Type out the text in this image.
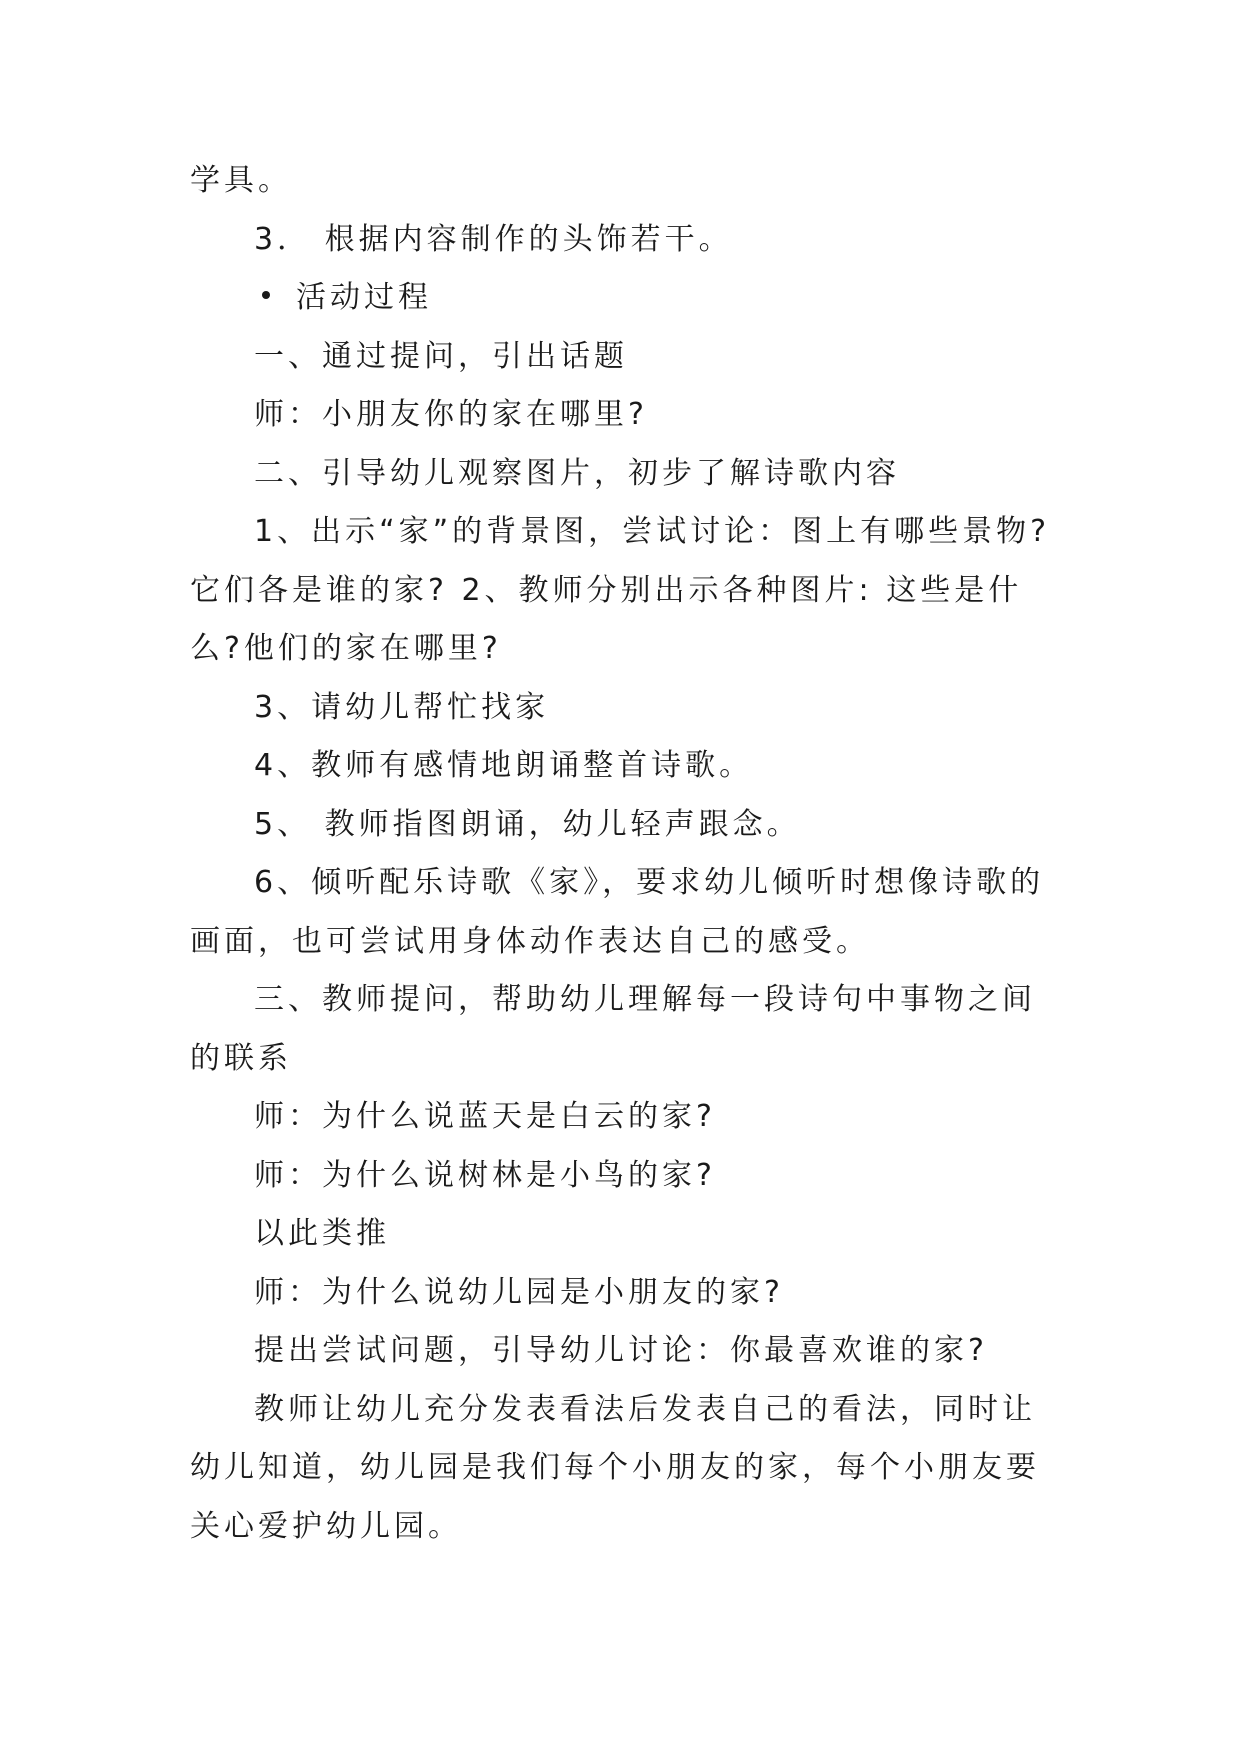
学具。

3． 根据内容制作的头饰若干。

活动过程

一、通过提问，引出话题

师：小朋友你的家在哪里?

二、引导幼儿观察图片，初步了解诗歌内容

1、出示“家”的背景图，尝试讨论：图上有哪些景物?它们各是谁的家? 2、教师分别出示各种图片: 这些是什么?他们的家在哪里?

3、请幼儿帮忙找家

4、教师有感情地朗诵整首诗歌。

5、 教师指图朗诵，幼儿轻声跟念。

6、倾听配乐诗歌《家》，要求幼儿倾听时想像诗歌的画面，也可尝试用身体动作表达自己的感受。

三、教师提问，帮助幼儿理解每一段诗句中事物之间的联系

师：为什么说蓝天是白云的家?

师：为什么说树林是小鸟的家?

以此类推

师：为什么说幼儿园是小朋友的家?

提出尝试问题，引导幼儿讨论：你最喜欢谁的家?

教师让幼儿充分发表看法后发表自己的看法，同时让幼儿知道，幼儿园是我们每个小朋友的家，每个小朋友要关心爱护幼儿园。
